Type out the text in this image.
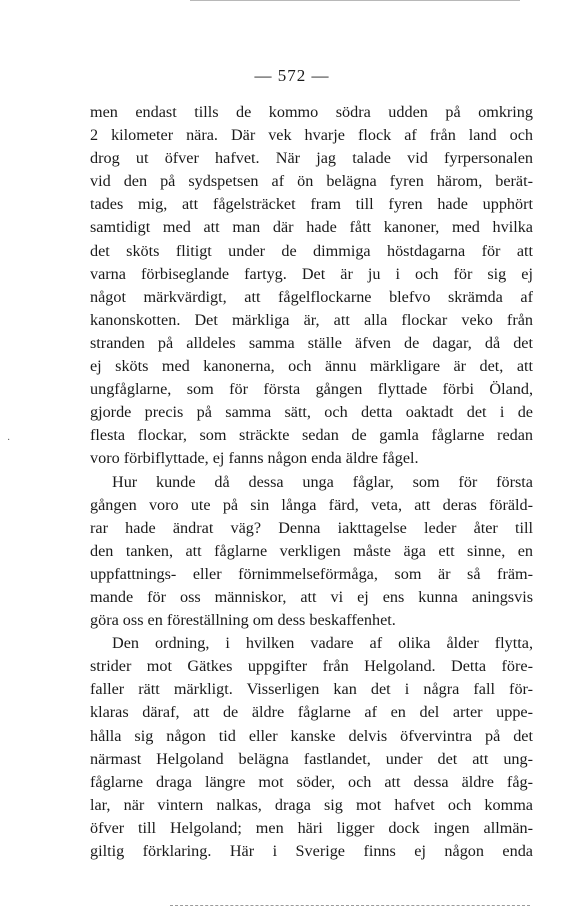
— 572 —
·
men endast tills de kommo södra udden på omkring
2 kilometer nära. Där vek hvarje flock af från land och
drog ut öfver hafvet. När jag talade vid fyrpersonalen
vid den på sydspetsen af ön belägna fyren härom, berät-
tades mig, att fågelsträcket fram till fyren hade upphört
samtidigt med att man där hade fått kanoner, med hvilka
det sköts flitigt under de dimmiga höstdagarna för att
varna förbiseglande fartyg. Det är ju i och för sig ej
något märkvärdigt, att fågelflockarne blefvo skrämda af
kanonskotten. Det märkliga är, att alla flockar veko från
stranden på alldeles samma ställe äfven de dagar, då det
ej sköts med kanonerna, och ännu märkligare är det, att
ungfåglarne, som för första gången flyttade förbi Öland,
gjorde precis på samma sätt, och detta oaktadt det i de
flesta flockar, som sträckte sedan de gamla fåglarne redan
voro förbiflyttade, ej fanns någon enda äldre fågel.
Hur kunde då dessa unga fåglar, som för första
gången voro ute på sin långa färd, veta, att deras föräld-
rar hade ändrat väg? Denna iakttagelse leder åter till
den tanken, att fåglarne verkligen måste äga ett sinne, en
uppfattnings- eller förnimmelseförmåga, som är så främ-
mande för oss människor, att vi ej ens kunna aningsvis
göra oss en föreställning om dess beskaffenhet.
Den ordning, i hvilken vadare af olika ålder flytta,
strider mot Gätkes uppgifter från Helgoland. Detta före-
faller rätt märkligt. Visserligen kan det i några fall för-
klaras däraf, att de äldre fåglarne af en del arter uppe-
hålla sig någon tid eller kanske delvis öfvervintra på det
närmast Helgoland belägna fastlandet, under det att ung-
fåglarne draga längre mot söder, och att dessa äldre fåg-
lar, när vintern nalkas, draga sig mot hafvet och komma
öfver till Helgoland; men häri ligger dock ingen allmän-
giltig förklaring. Här i Sverige finns ej någon enda
